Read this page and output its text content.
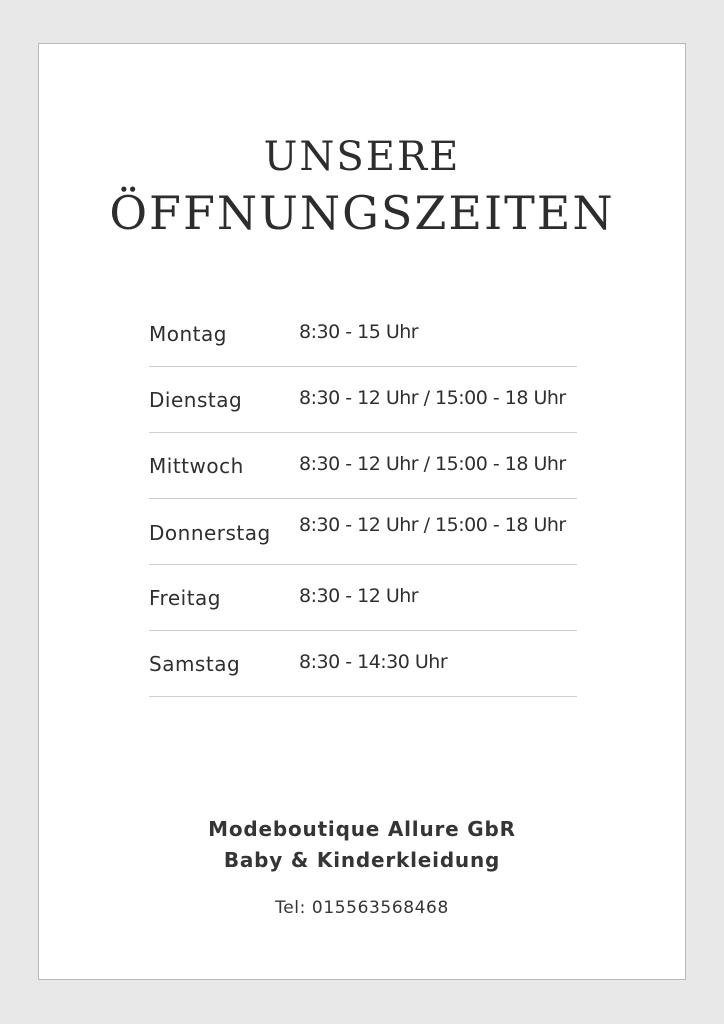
UNSERE
ÖFFNUNGSZEITEN
Montag	8:30 - 15 Uhr
Dienstag	8:30 - 12 Uhr / 15:00 - 18 Uhr
Mittwoch	8:30 - 12 Uhr / 15:00 - 18 Uhr
Donnerstag 8:30 - 12 Uhr / 15:00 - 18 Uhr
Freitag	8:30 - 12 Uhr
Samstag	8:30 - 14:30 Uhr
Modeboutique Allure GbR
Baby & Kinderkleidung
Tel: 015563568468
